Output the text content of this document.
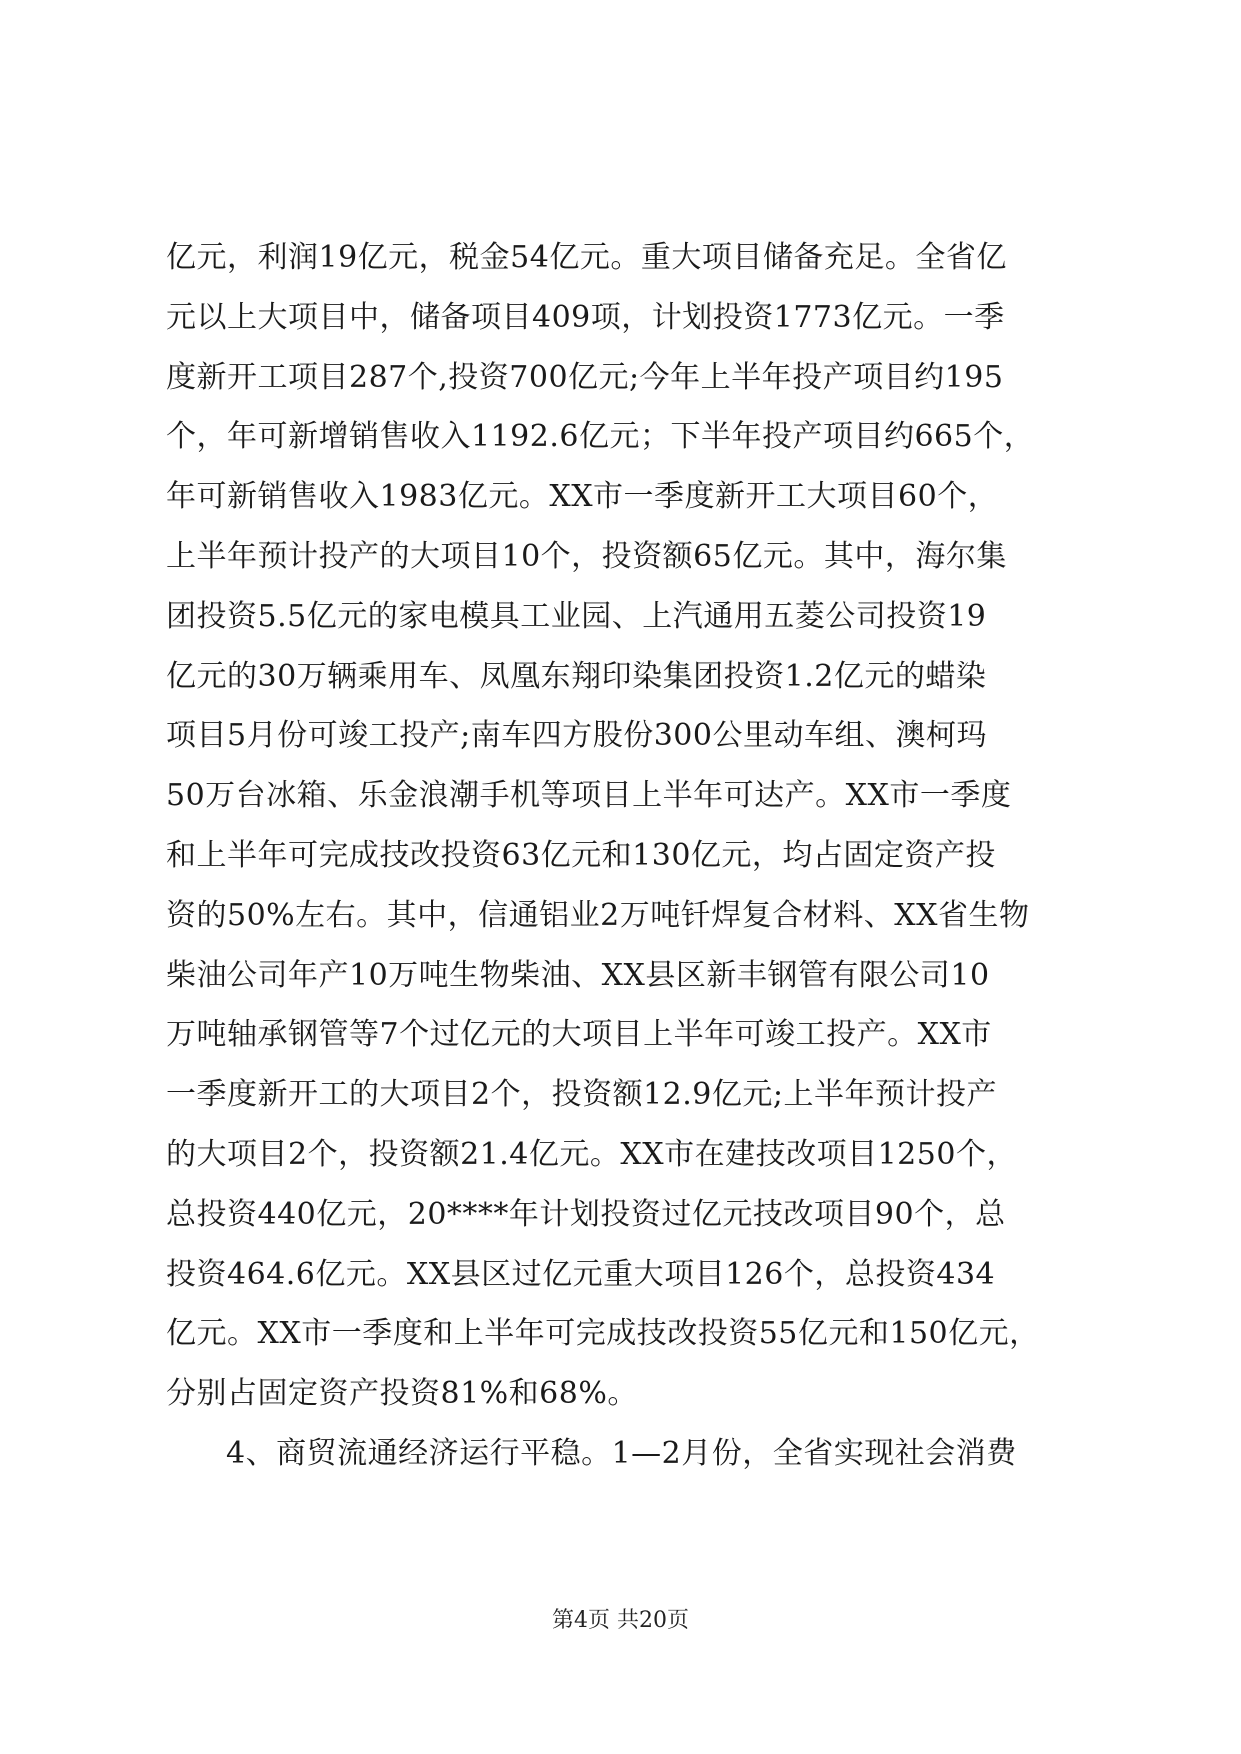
亿元，利润19亿元，税金54亿元。重大项目储备充足。全省亿
元以上大项目中，储备项目409项，计划投资1773亿元。一季
度新开工项目287个,投资700亿元;今年上半年投产项目约195
个，年可新增销售收入1192.6亿元；下半年投产项目约665个，
年可新销售收入1983亿元。XX市一季度新开工大项目60个，
上半年预计投产的大项目10个，投资额65亿元。其中，海尔集
团投资5.5亿元的家电模具工业园、上汽通用五菱公司投资19
亿元的30万辆乘用车、凤凰东翔印染集团投资1.2亿元的蜡染
项目5月份可竣工投产;南车四方股份300公里动车组、澳柯玛
50万台冰箱、乐金浪潮手机等项目上半年可达产。XX市一季度
和上半年可完成技改投资63亿元和130亿元，均占固定资产投
资的50%左右。其中，信通铝业2万吨钎焊复合材料、XX省生物
柴油公司年产10万吨生物柴油、XX县区新丰钢管有限公司10
万吨轴承钢管等7个过亿元的大项目上半年可竣工投产。XX市
一季度新开工的大项目2个，投资额12.9亿元;上半年预计投产
的大项目2个，投资额21.4亿元。XX市在建技改项目1250个，
总投资440亿元，20****年计划投资过亿元技改项目90个，总
投资464.6亿元。XX县区过亿元重大项目126个，总投资434
亿元。XX市一季度和上半年可完成技改投资55亿元和150亿元，
分别占固定资产投资81%和68%。
4、商贸流通经济运行平稳。1—2月份，全省实现社会消费
第4页 共20页
